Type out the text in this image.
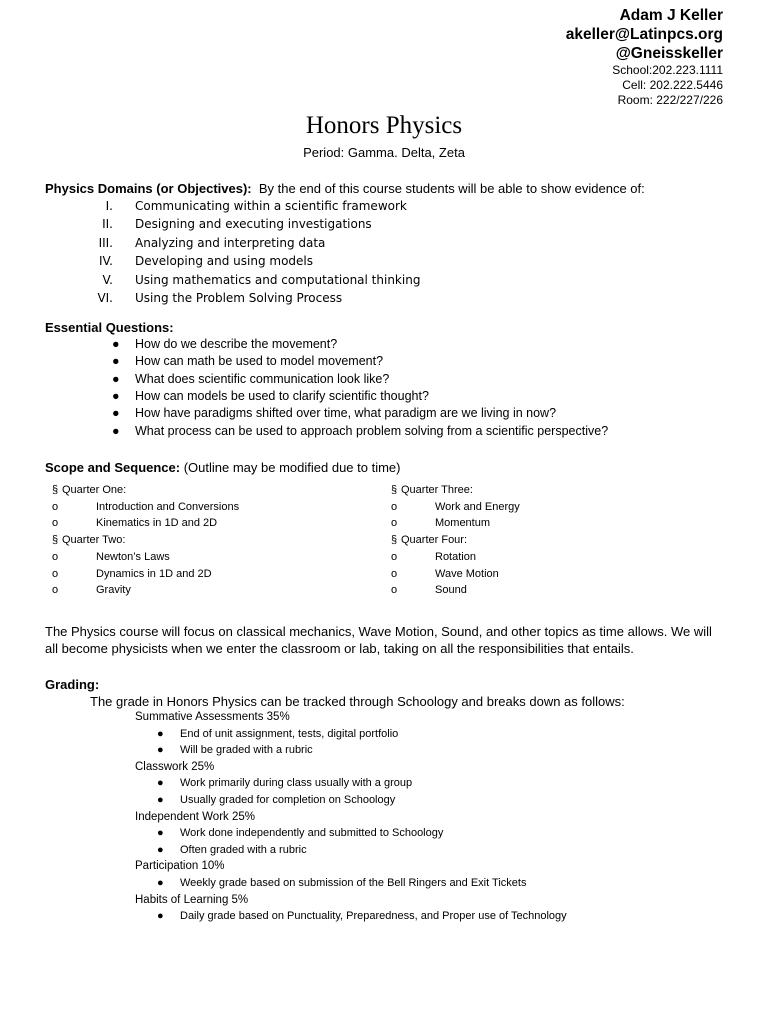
Adam J Keller
akeller@Latinpcs.org
@Gneisskeller
School:202.223.1111
Cell: 202.222.5446
Room: 222/227/226
Honors Physics
Period: Gamma. Delta, Zeta
Physics Domains (or Objectives): By the end of this course students will be able to show evidence of:
I. Communicating within a scientific framework
II. Designing and executing investigations
III. Analyzing and interpreting data
IV. Developing and using models
V. Using mathematics and computational thinking
VI. Using the Problem Solving Process
Essential Questions:
● How do we describe the movement?
● How can math be used to model movement?
● What does scientific communication look like?
● How can models be used to clarify scientific thought?
● How have paradigms shifted over time, what paradigm are we living in now?
● What process can be used to approach problem solving from a scientific perspective?
Scope and Sequence: (Outline may be modified due to time)
§ Quarter One:
o	Introduction and Conversions
o	Kinematics in 1D and 2D
§ Quarter Two:
o	Newton’s Laws
o	Dynamics in 1D and 2D
o	Gravity
§ Quarter Three:
o	Work and Energy
o	Momentum
§ Quarter Four:
o	Rotation
o	Wave Motion
o	Sound
The Physics course will focus on classical mechanics, Wave Motion, Sound, and other topics as time allows. We will all become physicists when we enter the classroom or lab, taking on all the responsibilities that entails.
Grading:
The grade in Honors Physics can be tracked through Schoology and breaks down as follows:
Summative Assessments 35%
● End of unit assignment, tests, digital portfolio
● Will be graded with a rubric
Classwork 25%
● Work primarily during class usually with a group
● Usually graded for completion on Schoology
Independent Work 25%
● Work done independently and submitted to Schoology
● Often graded with a rubric
Participation 10%
● Weekly grade based on submission of the Bell Ringers and Exit Tickets
Habits of Learning 5%
● Daily grade based on Punctuality, Preparedness, and Proper use of Technology
